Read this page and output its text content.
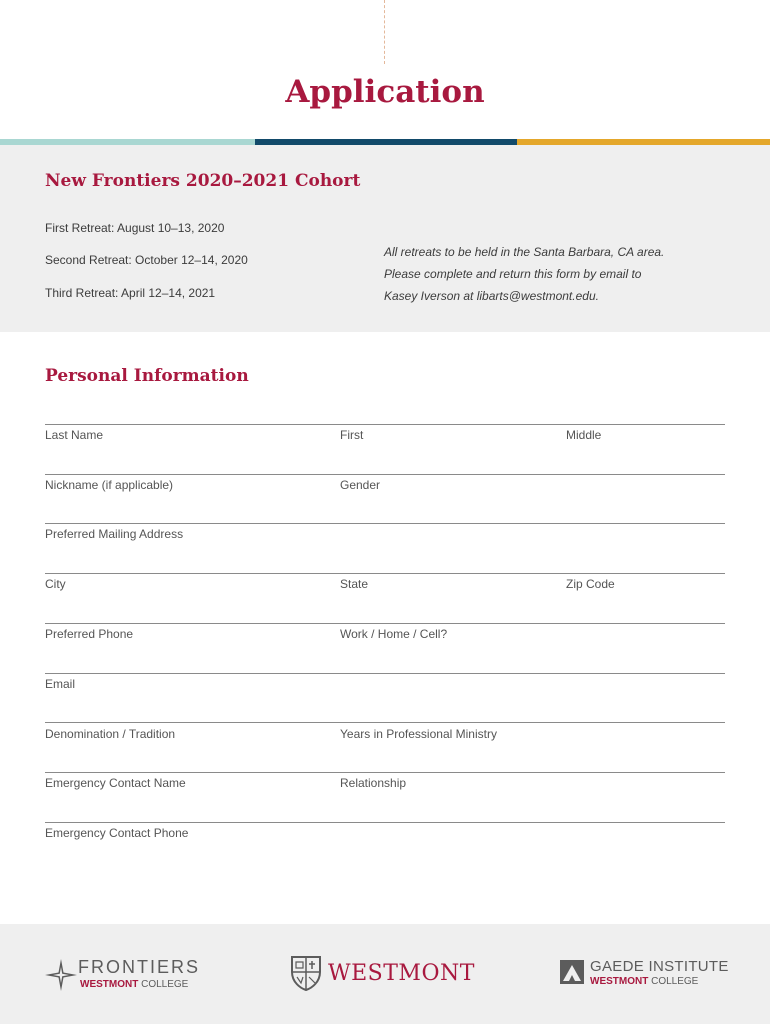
Application
New Frontiers 2020–2021 Cohort
First Retreat: August 10–13, 2020
Second Retreat: October 12–14, 2020
Third Retreat: April 12–14, 2021
All retreats to be held in the Santa Barbara, CA area.
Please complete and return this form by email to
Kasey Iverson at libarts@westmont.edu.
Personal Information
Last Name	First	Middle
Nickname (if applicable)	Gender
Preferred Mailing Address
City	State	Zip Code
Preferred Phone	Work / Home / Cell?
Email
Denomination / Tradition	Years in Professional Ministry
Emergency Contact Name	Relationship
Emergency Contact Phone
FRONTIERS
WESTMONT COLLEGE	WESTMONT	GAEDE INSTITUTE
WESTMONT COLLEGE
